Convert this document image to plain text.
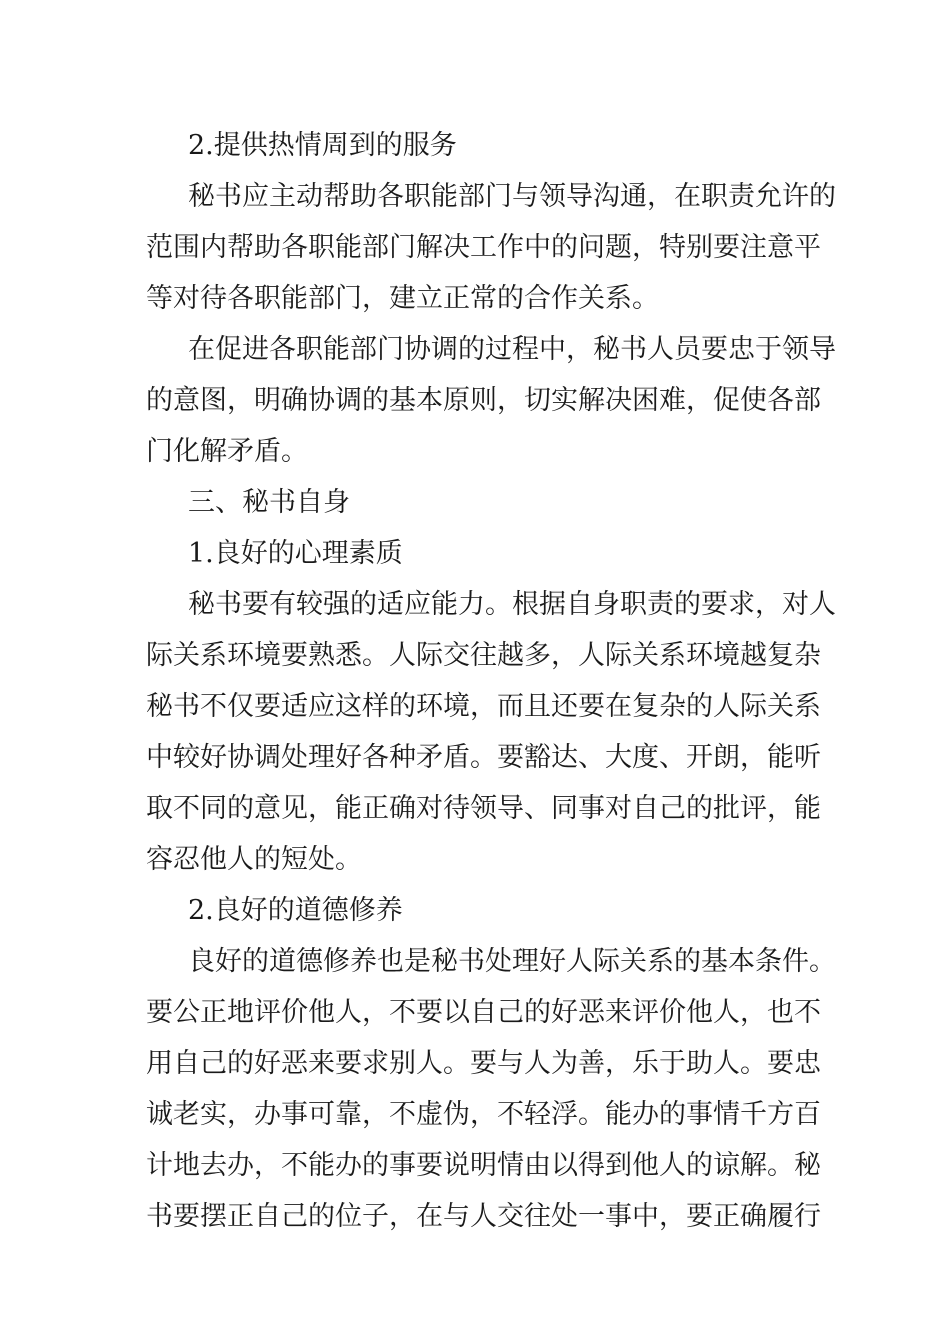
2.提供热情周到的服务
秘书应主动帮助各职能部门与领导沟通，在职责允许的
范围内帮助各职能部门解决工作中的问题，特别要注意平
等对待各职能部门，建立正常的合作关系。
在促进各职能部门协调的过程中，秘书人员要忠于领导
的意图，明确协调的基本原则，切实解决困难，促使各部
门化解矛盾。
三、秘书自身
1.良好的心理素质
秘书要有较强的适应能力。根据自身职责的要求，对人
际关系环境要熟悉。人际交往越多，人际关系环境越复杂
秘书不仅要适应这样的环境，而且还要在复杂的人际关系
中较好协调处理好各种矛盾。要豁达、大度、开朗，能听
取不同的意见，能正确对待领导、同事对自己的批评，能
容忍他人的短处。
2.良好的道德修养
良好的道德修养也是秘书处理好人际关系的基本条件。
要公正地评价他人，不要以自己的好恶来评价他人，也不
用自己的好恶来要求别人。要与人为善，乐于助人。要忠
诚老实，办事可靠，不虚伪，不轻浮。能办的事情千方百
计地去办，不能办的事要说明情由以得到他人的谅解。秘
书要摆正自己的位子，在与人交往处一事中，要正确履行
